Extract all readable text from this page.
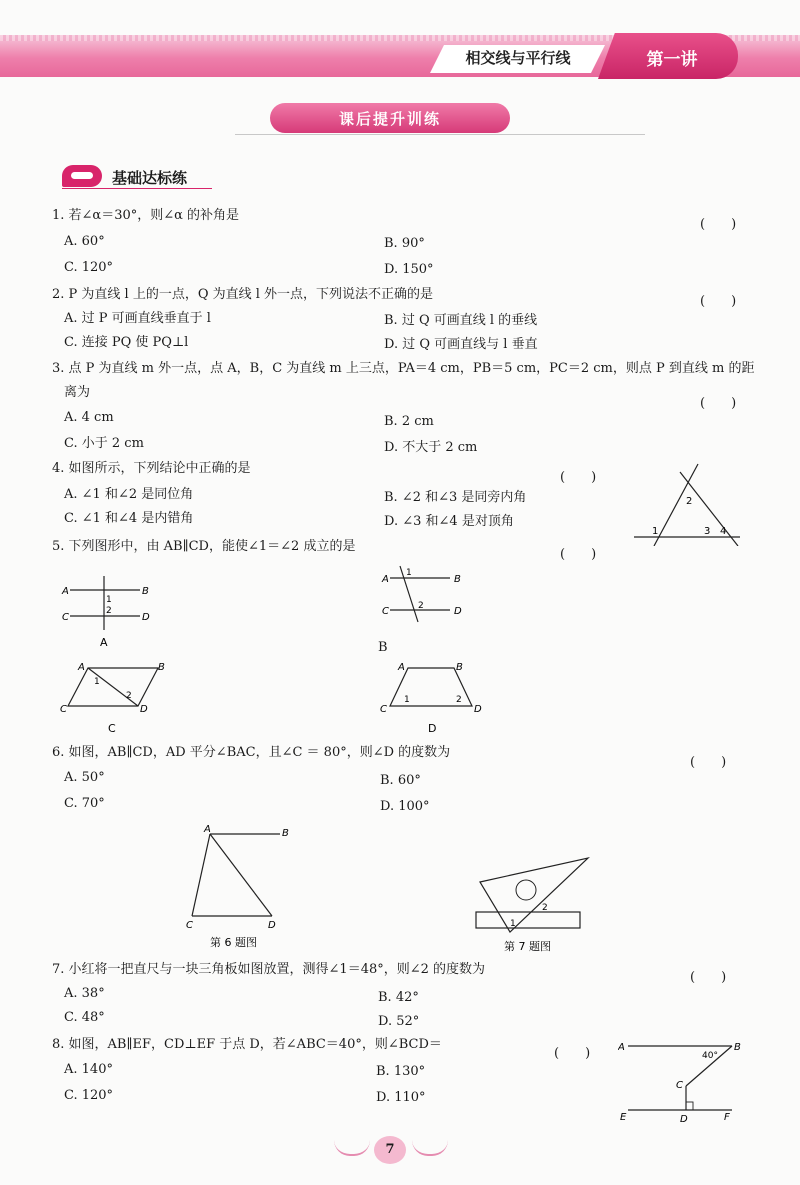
相交线与平行线	第一讲
课后提升训练
基础达标练
1. 若∠α＝30°，则∠α 的补角是
(　　)
A. 60°	B. 90°
C. 120°	D. 150°
2. P 为直线 l 上的一点，Q 为直线 l 外一点，下列说法不正确的是	(　　)
A. 过 P 可画直线垂直于 l	B. 过 Q 可画直线 l 的垂线
C. 连接 PQ 使 PQ⊥l	D. 过 Q 可画直线与 l 垂直
3. 点 P 为直线 m 外一点，点 A，B，C 为直线 m 上三点，PA＝4 cm，PB＝5 cm，PC＝2 cm，则点 P 到直线 m 的距
离为
(　　)
A. 4 cm	B. 2 cm
C. 小于 2 cm	D. 不大于 2 cm
4. 如图所示，下列结论中正确的是
(　　)
A. ∠1 和∠2 是同位角	B. ∠2 和∠3 是同旁内角
C. ∠1 和∠4 是内错角	D. ∠3 和∠4 是对顶角
2
1	3 4
5. 下列图形中，由 AB∥CD，能使∠1＝∠2 成立的是
(　　)
A	B
C	D
1
2
A
A	B
C	D
1
2
B
A	B
C	D
1
2
C
A	B
C	D
1	2
D
6. 如图，AB∥CD，AD 平分∠BAC，且∠C ＝ 80°，则∠D 的度数为
(　　)
A. 50°	B. 60°
C. 70°	D. 100°
A	B
C	D
第 6 题图
1
2
第 7 题图
7. 小红将一把直尺与一块三角板如图放置，测得∠1＝48°，则∠2 的度数为
(　　)
A. 38°	B. 42°
C. 48°	D. 52°
8. 如图，AB∥EF，CD⊥EF 于点 D，若∠ABC＝40°，则∠BCD＝
(　　)
A. 140°	B. 130°
C. 120°	D. 110°
A	B
C
D
E	F
40°
7
